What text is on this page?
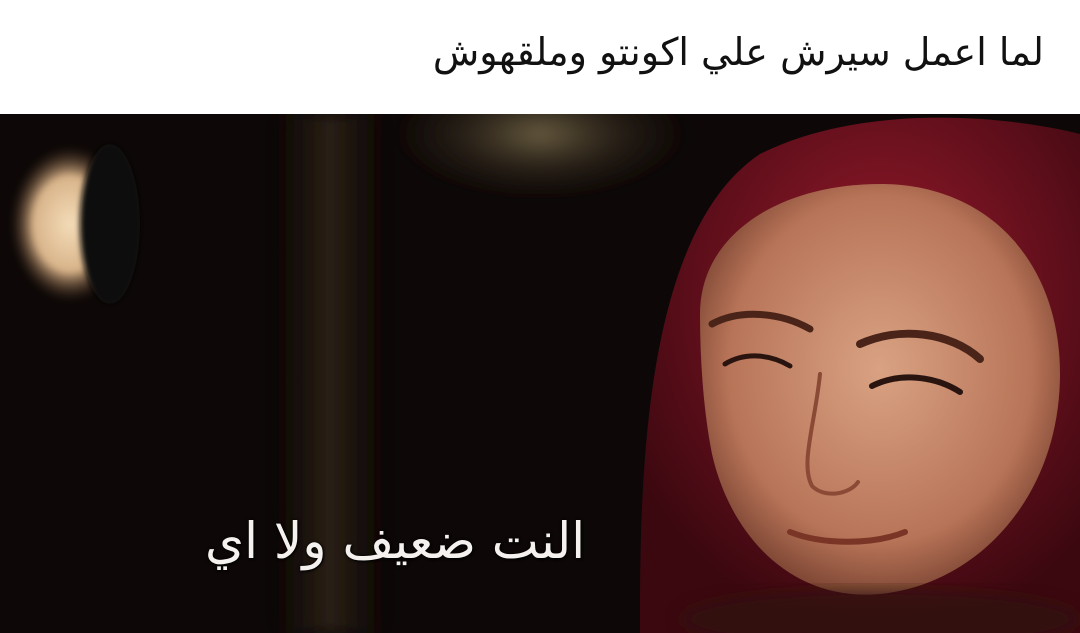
لما اعمل سيرش علي اكونتو وملقهوش
النت ضعيف ولا اي
